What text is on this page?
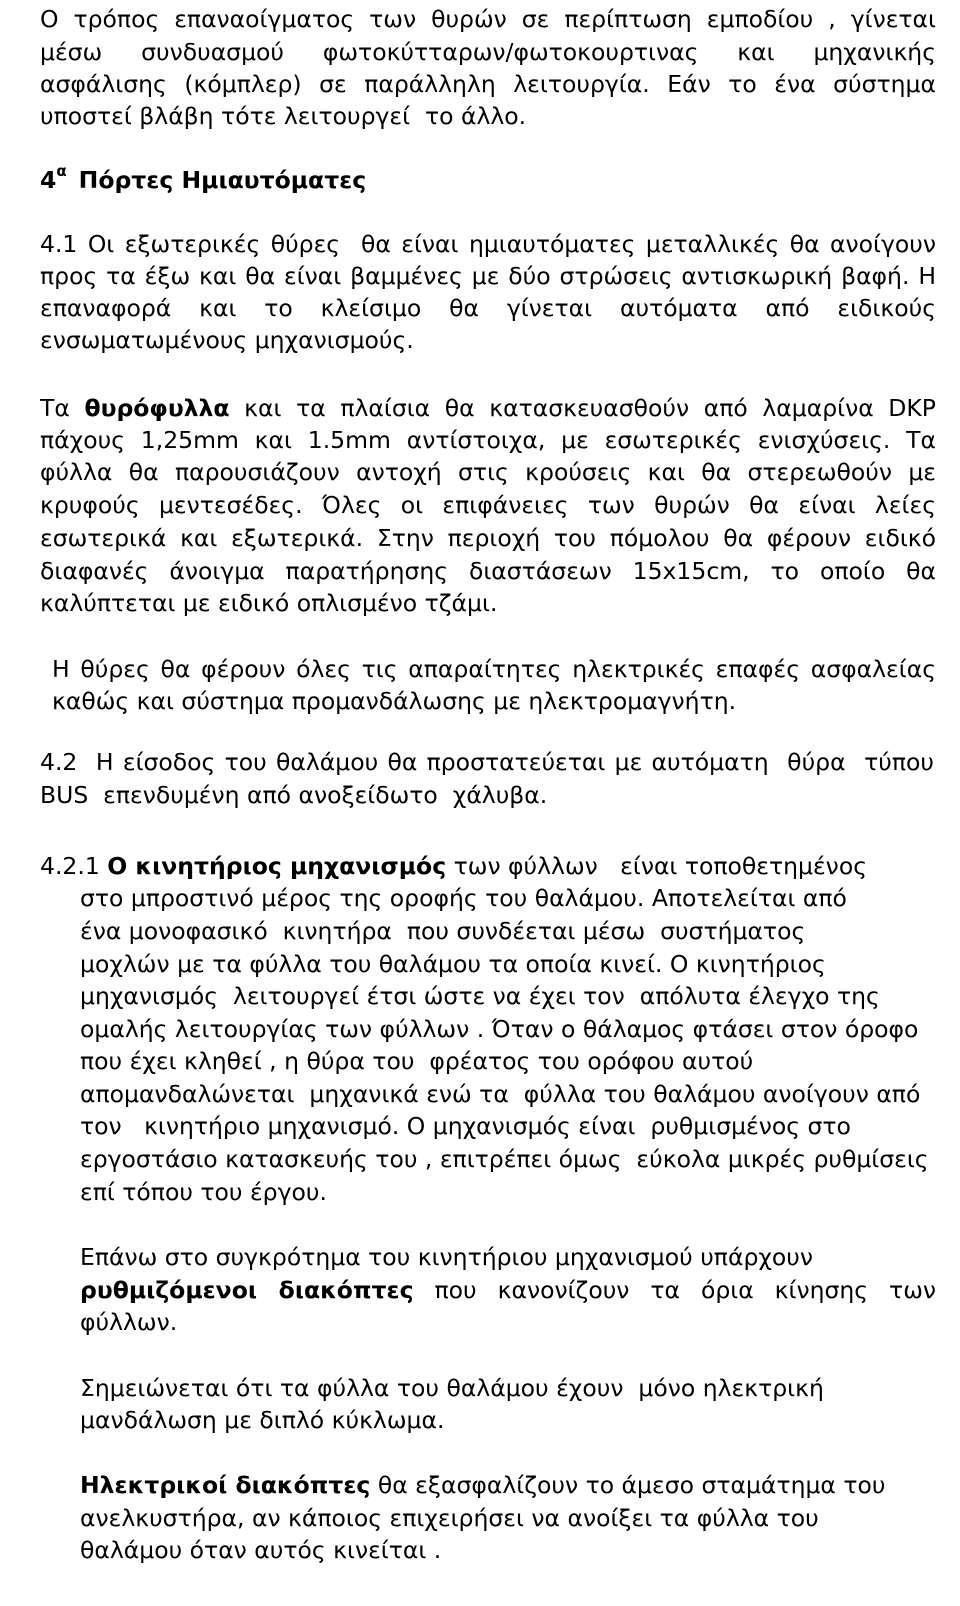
Ο τρόπος επαναοίγματος των θυρών σε περίπτωση εμποδίου , γίνεται
μέσω  συνδυασμού  φωτοκύτταρων/φωτοκουρτινας  και  μηχανικής
ασφάλισης (κόμπλερ) σε παράλληλη λειτουργία. Εάν το ένα σύστημα
υποστεί βλάβη τότε λειτουργεί  το άλλο.
$4^\alpha$ Πόρτες Ημιαυτόματες
4.1 Οι εξωτερικές θύρες  θα είναι ημιαυτόματες μεταλλικές θα ανοίγουν
προς τα έξω και θα είναι βαμμένες με δύο στρώσεις αντισκωρική βαφή. Η
επαναφορά και το κλείσιμο θα γίνεται αυτόματα από ειδικούς
ενσωματωμένους μηχανισμούς.
Τα θυρόφυλλα και τα πλαίσια θα κατασκευασθούν από λαμαρίνα DKP
πάχους 1,25mm και 1.5mm αντίστοιχα, με εσωτερικές ενισχύσεις. Τα
φύλλα θα παρουσιάζουν αντοχή στις κρούσεις και θα στερεωθούν με
κρυφούς μεντεσέδες. Όλες οι επιφάνειες των θυρών θα είναι λείες
εσωτερικά και εξωτερικά. Στην περιοχή του πόμολου θα φέρουν ειδικό
διαφανές άνοιγμα παρατήρησης διαστάσεων 15x15cm, το οποίο θα
καλύπτεται με ειδικό οπλισμένο τζάμι.
Η θύρες θα φέρουν όλες τις απαραίτητες ηλεκτρικές επαφές ασφαλείας
καθώς και σύστημα προμανδάλωσης με ηλεκτρομαγνήτη.
4.2  Η είσοδος του θαλάμου θα προστατεύεται με αυτόματη  θύρα  τύπου
BUS  επενδυμένη από ανοξείδωτο  χάλυβα.
4.2.1 Ο κινητήριος μηχανισμός των φύλλων   είναι τοποθετημένος
στο μπροστινό μέρος της οροφής του θαλάμου. Αποτελείται από
ένα μονοφασικό  κινητήρα  που συνδέεται μέσω  συστήματος
μοχλών με τα φύλλα του θαλάμου τα οποία κινεί. Ο κινητήριος
μηχανισμός  λειτουργεί έτσι ώστε να έχει τον  απόλυτα έλεγχο της
ομαλής λειτουργίας των φύλλων . Όταν ο θάλαμος φτάσει στον όροφο
που έχει κληθεί , η θύρα του  φρέατος του ορόφου αυτού
απομανδαλώνεται  μηχανικά ενώ τα  φύλλα του θαλάμου ανοίγουν από
τον   κινητήριο μηχανισμό. Ο μηχανισμός είναι  ρυθμισμένος στο
εργοστάσιο κατασκευής του , επιτρέπει όμως  εύκολα μικρές ρυθμίσεις
επί τόπου του έργου.
Επάνω στο συγκρότημα του κινητήριου μηχανισμού υπάρχουν
ρυθμιζόμενοι διακόπτες που κανονίζουν τα όρια κίνησης των
φύλλων.
Σημειώνεται ότι τα φύλλα του θαλάμου έχουν  μόνο ηλεκτρική
μανδάλωση με διπλό κύκλωμα.
Ηλεκτρικοί διακόπτες θα εξασφαλίζουν το άμεσο σταμάτημα του
ανελκυστήρα, αν κάποιος επιχειρήσει να ανοίξει τα φύλλα του
θαλάμου όταν αυτός κινείται .
